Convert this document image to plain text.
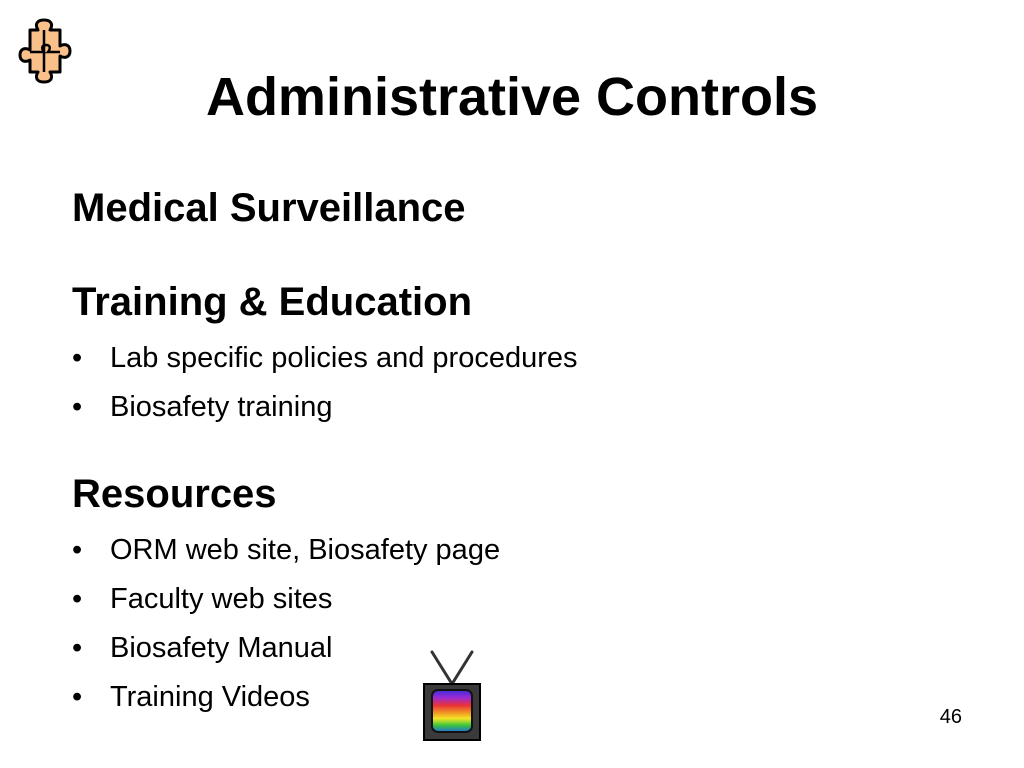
Administrative Controls
Medical Surveillance
Training & Education
• Lab specific policies and procedures
• Biosafety training
Resources
• ORM web site, Biosafety page
• Faculty web sites
• Biosafety Manual
• Training Videos
46
